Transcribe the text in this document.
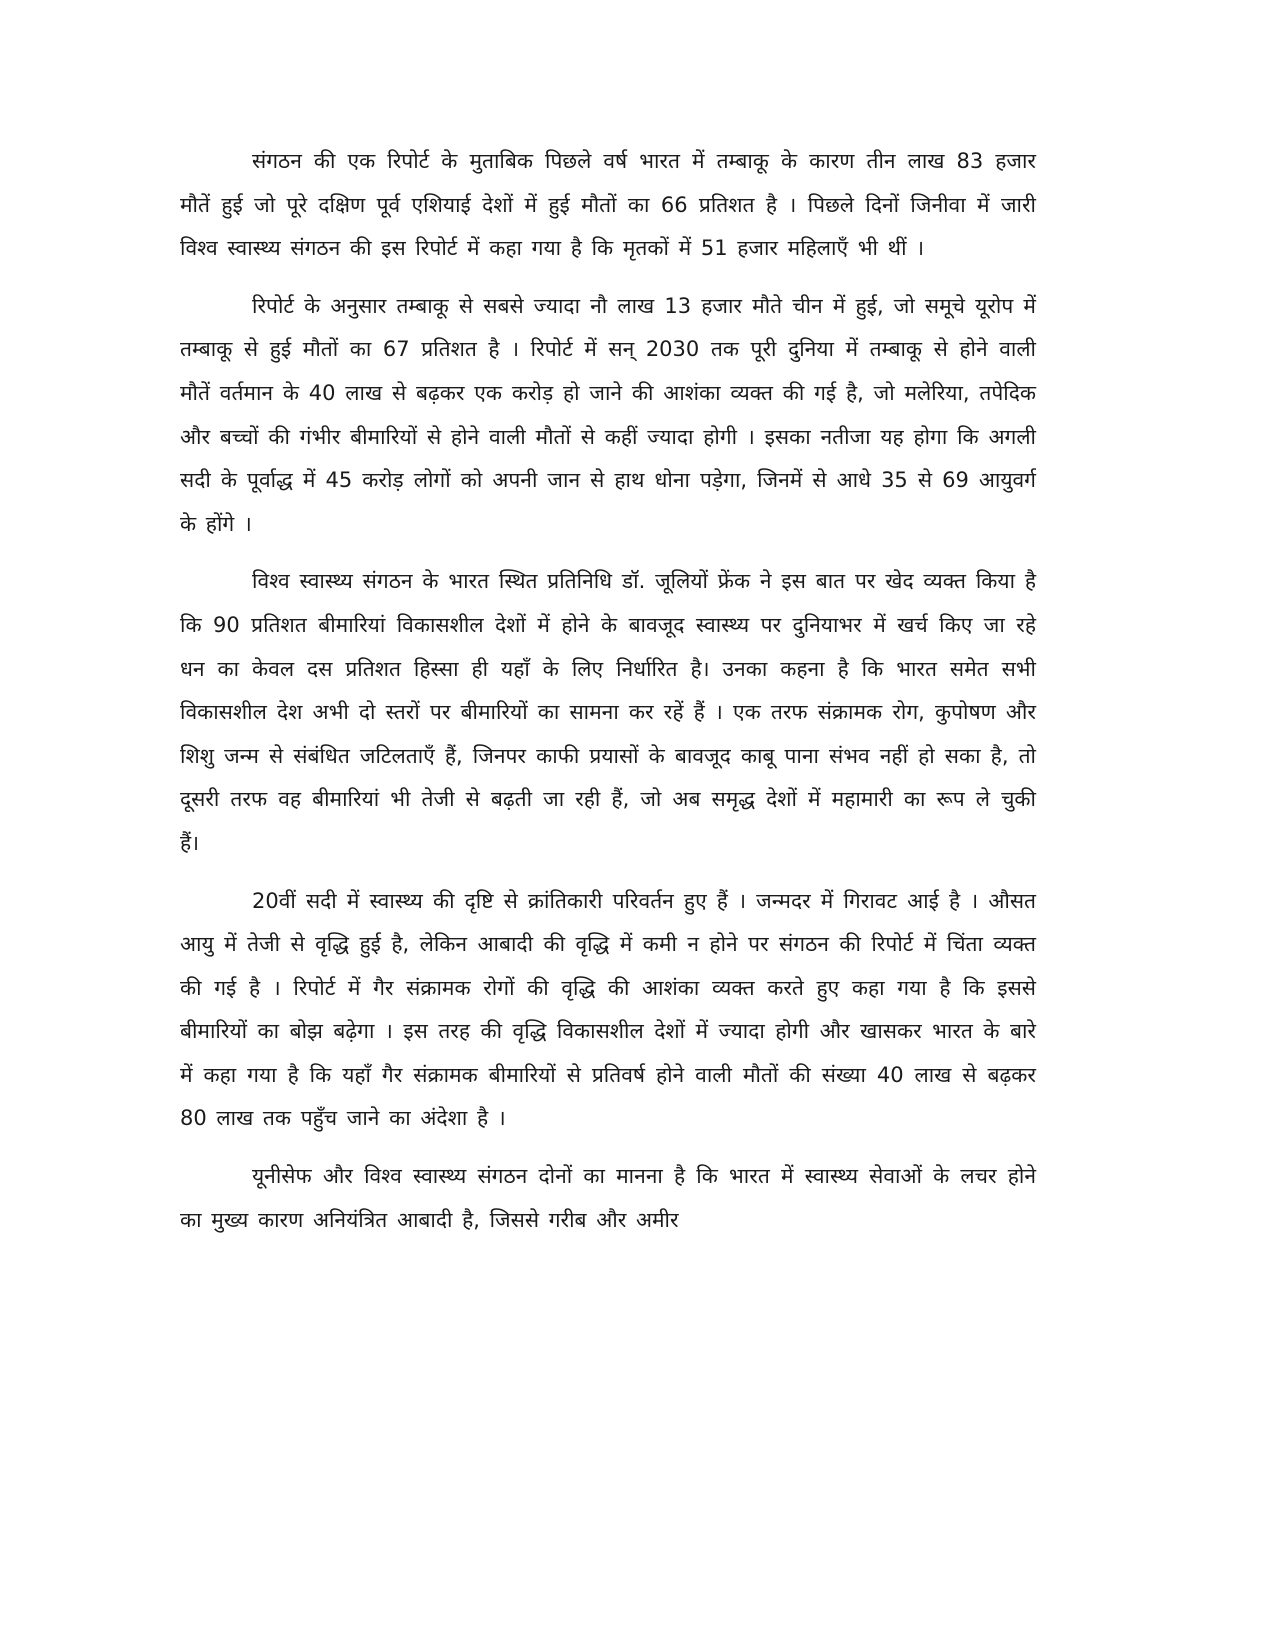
संगठन की एक रिपोर्ट के मुताबिक पिछले वर्ष भारत में तम्बाकू के कारण तीन लाख 83 हजार मौतें हुई जो पूरे दक्षिण पूर्व एशियाई देशों में हुई मौतों का 66 प्रतिशत है । पिछले दिनों जिनीवा में जारी विश्व स्वास्थ्य संगठन की इस रिपोर्ट में कहा गया है कि मृतकों में 51 हजार महिलाएँ भी थीं ।

रिपोर्ट के अनुसार तम्बाकू से सबसे ज्यादा नौ लाख 13 हजार मौते चीन में हुई, जो समूचे यूरोप में तम्बाकू से हुई मौतों का 67 प्रतिशत है । रिपोर्ट में सन् 2030 तक पूरी दुनिया में तम्बाकू से होने वाली मौतें वर्तमान के 40 लाख से बढ़कर एक करोड़ हो जाने की आशंका व्यक्त की गई है, जो मलेरिया, तपेदिक और बच्चों की गंभीर बीमारियों से होने वाली मौतों से कहीं ज्यादा होगी । इसका नतीजा यह होगा कि अगली सदी के पूर्वाद्ध में 45 करोड़ लोगों को अपनी जान से हाथ धोना पड़ेगा, जिनमें से आधे 35 से 69 आयुवर्ग के होंगे ।

विश्व स्वास्थ्य संगठन के भारत स्थित प्रतिनिधि डॉ. जूलियों फ्रेंक ने इस बात पर खेद व्यक्त किया है कि 90 प्रतिशत बीमारियां विकासशील देशों में होने के बावजूद स्वास्थ्य पर दुनियाभर में खर्च किए जा रहे धन का केवल दस प्रतिशत हिस्सा ही यहाँ के लिए निर्धारित है। उनका कहना है कि भारत समेत सभी विकासशील देश अभी दो स्तरों पर बीमारियों का सामना कर रहें हैं । एक तरफ संक्रामक रोग, कुपोषण और शिशु जन्म से संबंधित जटिलताएँ हैं, जिनपर काफी प्रयासों के बावजूद काबू पाना संभव नहीं हो सका है, तो दूसरी तरफ वह बीमारियां भी तेजी से बढ़ती जा रही हैं, जो अब समृद्ध देशों में महामारी का रूप ले चुकी हैं।

20वीं सदी में स्वास्थ्य की दृष्टि से क्रांतिकारी परिवर्तन हुए हैं । जन्मदर में गिरावट आई है । औसत आयु में तेजी से वृद्धि हुई है, लेकिन आबादी की वृद्धि में कमी न होने पर संगठन की रिपोर्ट में चिंता व्यक्त की गई है । रिपोर्ट में गैर संक्रामक रोगों की वृद्धि की आशंका व्यक्त करते हुए कहा गया है कि इससे बीमारियों का बोझ बढ़ेगा । इस तरह की वृद्धि विकासशील देशों में ज्यादा होगी और खासकर भारत के बारे में कहा गया है कि यहाँ गैर संक्रामक बीमारियों से प्रतिवर्ष होने वाली मौतों की संख्या 40 लाख से बढ़कर 80 लाख तक पहुँच जाने का अंदेशा है ।

यूनीसेफ और विश्व स्वास्थ्य संगठन दोनों का मानना है कि भारत में स्वास्थ्य सेवाओं के लचर होने का मुख्य कारण अनियंत्रित आबादी है, जिससे गरीब और अमीर
